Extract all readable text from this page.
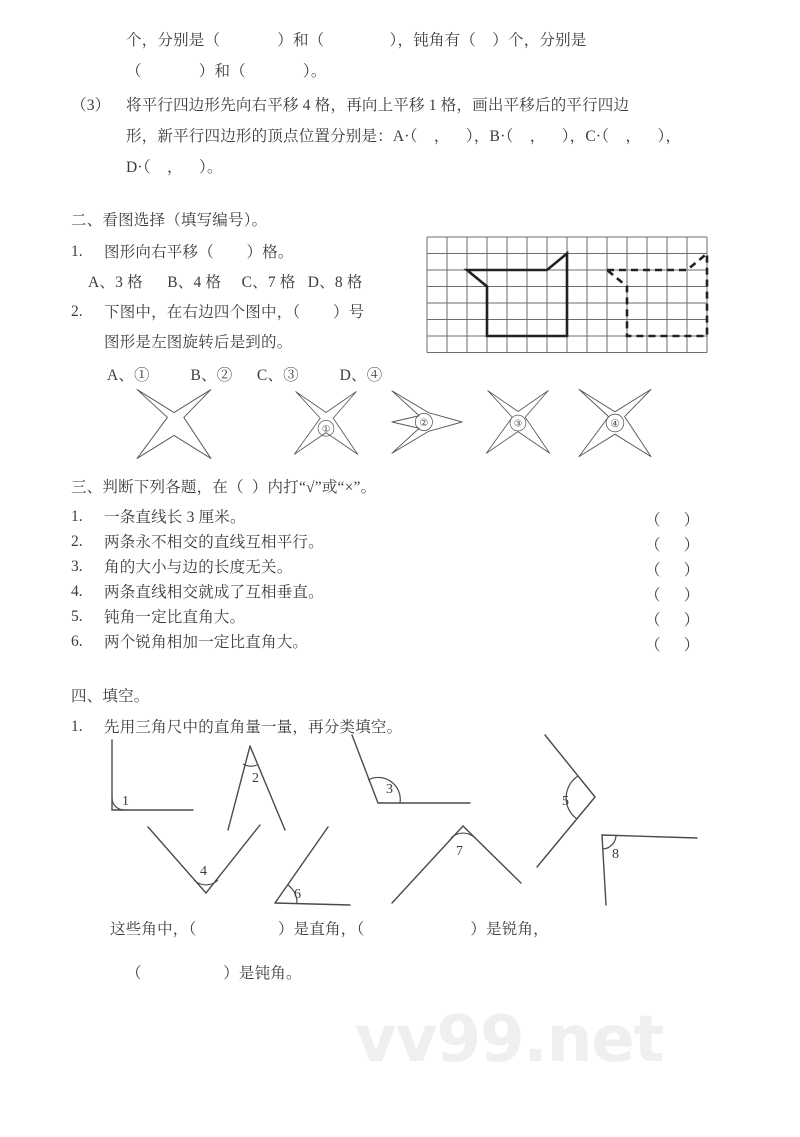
个，分别是（              ）和（                ），钝角有（    ）个，分别是
（              ）和（              ）。
（3） 将平行四边形先向右平移 4 格，再向上平移 1 格，画出平移后的平行四边
形，新平行四边形的顶点位置分别是：A·（    ，    ），B·（    ，    ），C·（    ，    ），
D·（    ，    ）。
二、看图选择（填写编号）。
1. 图形向右平移（        ）格。
A、3 格      B、4 格     C、7 格   D、8 格
2. 下图中，在右边四个图中，（        ）号
图形是左图旋转后是到的。
A、①          B、②      C、③          D、④
①
②	③	④
三、判断下列各题，在（  ）内打“√”或“×”。
1. 一条直线长 3 厘米。	（      ）
2. 两条永不相交的直线互相平行。	（      ）
3. 角的大小与边的长度无关。	（      ）
4. 两条直线相交就成了互相垂直。	（      ）
5. 钝角一定比直角大。	（      ）
6. 两个锐角相加一定比直角大。	（      ）
四、填空。
1. 先用三角尺中的直角量一量，再分类填空。
1
2
3
5
8
4
6
7
这些角中，（                    ）是直角，（                          ）是锐角，
（                    ）是钝角。
vv99.net
